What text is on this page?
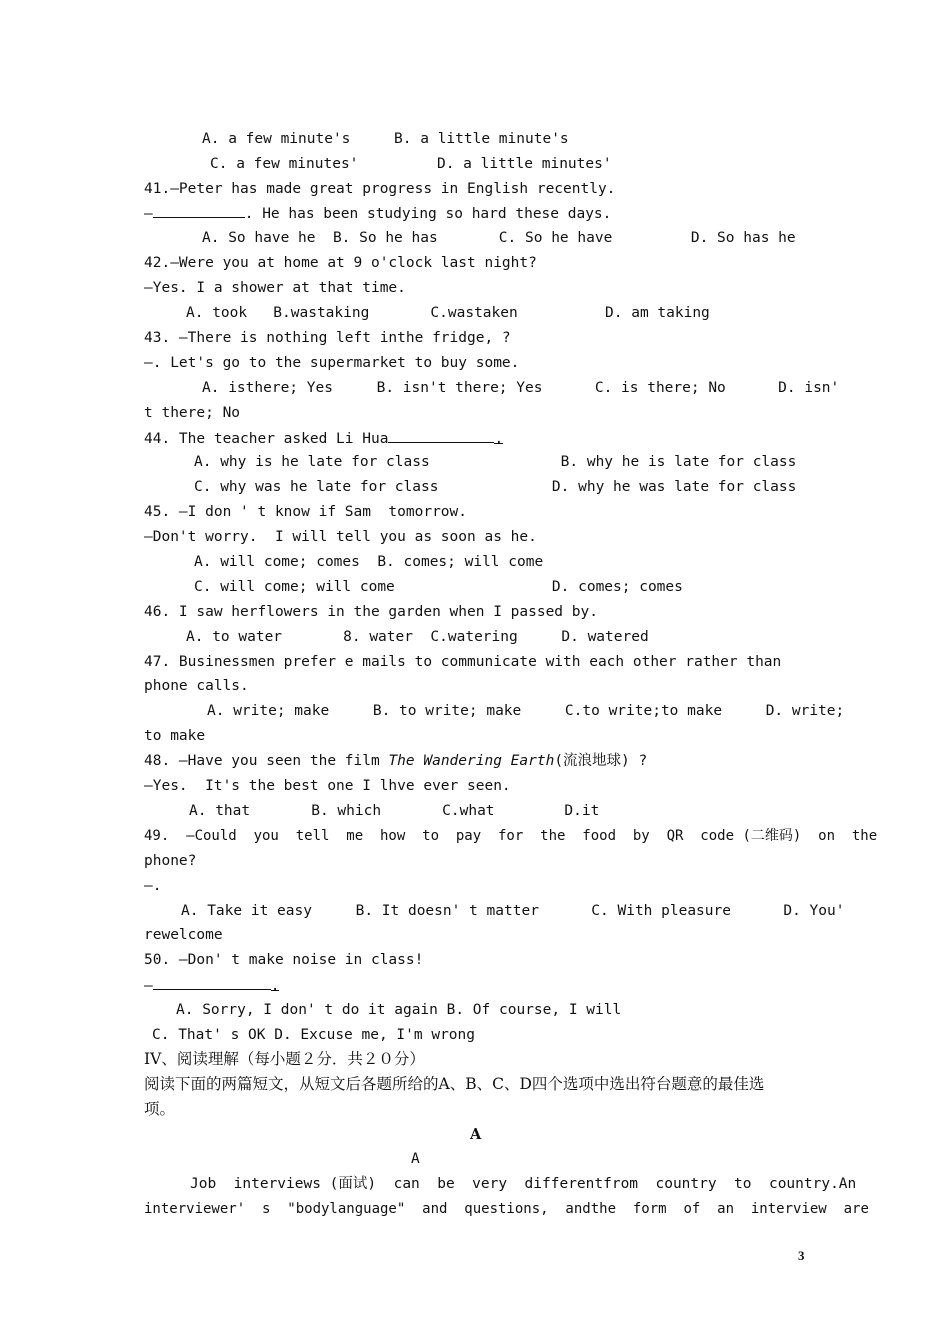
A. a few minute's     B. a little minute's
C. a few minutes'         D. a little minutes'
41.—Peter has made great progress in English recently.
—	. He has been studying so hard these days.
A. So have he  B. So he has       C. So he have         D. So has he
42.—Were you at home at 9 o'clock last night?
—Yes. I a shower at that time.
A. took   B.wastaking       C.wastaken          D. am taking
43. —There is nothing left inthe fridge, ?
—. Let's go to the supermarket to buy some.
A. isthere; Yes     B. isn't there; Yes      C. is there; No      D. isn'
t there; No
44. The teacher asked Li Hua	.
A. why is he late for class               B. why he is late for class
C. why was he late for class             D. why he was late for class
45. —I don ' t know if Sam  tomorrow.
—Don't worry.  I will tell you as soon as he.
A. will come; comes  B. comes; will come
C. will come; will come                  D. comes; comes
46. I saw herflowers in the garden when I passed by.
A. to water       8. water  C.watering     D. watered
47. Businessmen prefer e mails to communicate with each other rather than
phone calls.
A. write; make     B. to write; make     C.to write;to make     D. write;
to make
48. —Have you seen the film The Wandering Earth(流浪地球) ?
—Yes.  It's the best one I lhve ever seen.
A. that       B. which       C.what        D.it
49.  —Could  you  tell  me  how  to  pay  for  the  food  by  QR  code (二维码)  on  the
phone?
—.
A. Take it easy     B. It doesn' t matter      C. With pleasure      D. You'
rewelcome
50. —Don' t make noise in class!
—	.
A. Sorry, I don' t do it again B. Of course, I will
C. That' s OK D. Excuse me, I'm wrong
IV、阅读理解（每小题２分．共２０分）
阅读下面的两篇短文，从短文后各题所给的A、B、C、D四个选项中选出符台题意的最佳选
项。
A
A
Job  interviews (面试)  can  be  very  differentfrom  country  to  country.An
interviewer'  s  "bodylanguage"  and  questions,  andthe  form  of  an  interview  are
3
